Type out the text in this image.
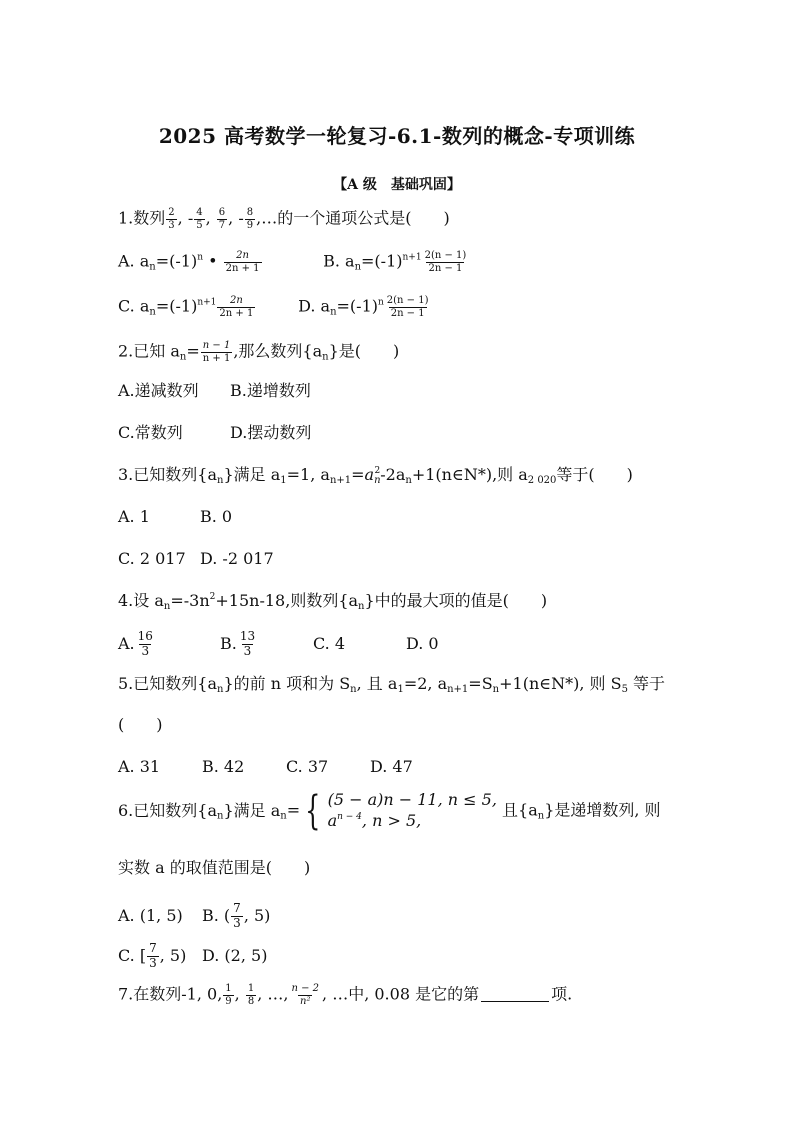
2025 高考数学一轮复习-6.1-数列的概念-专项训练
【A 级　基础巩固】
1.数列 $\frac{2}{3}$ , - $\frac{4}{5}$ , $\frac{6}{7}$ , - $\frac{8}{9}$ ,…的一个通项公式是(　　)
A. $a_n=(-1)^n$ • $\frac{2n}{2n + 1}$	B. $a_n=(-1)^{n+1} \frac{2(n - 1)}{2n - 1}$
C. $a_n=(-1)^{n+1} \frac{2n}{2n + 1}$	D. $a_n=(-1)^n \frac{2(n - 1)}{2n - 1}$
2.已知 $a_n= \frac{n - 1}{n + 1}$ ,那么数列$\{a_n\}$是(　　)
A.递减数列 B.递增数列
C.常数列	D.摆动数列
3.已知数列$\{a_n\}$满足 $a_1=1$, $a_{n+1}=a_n^2-2a_n+1(n\in N*)$,则 $a_{2 020}$等于(　　)
A. 1	B. 0
C. 2 017 D. -2 017
4.设 $a_n=-3n^2+15n-18$,则数列$\{a_n\}$中的最大项的值是(　　)
A. $\frac{16}{3}$	B. $\frac{13}{3}$	C. 4	D. 0
5.已知数列$\{a_n\}$的前 n 项和为 $S_n$, 且 $a_1=2$, $a_{n+1}=S_n+1(n\in N*)$, 则 $S_5$ 等于
(　　)
A. 31	B. 42	C. 37	D. 47
6.已知数列$\{a_n\}$满足 $a_n=$ { (5 − a)n − 11, n ≤ 5,
$a^{n - 4}$, n > 5,
且$\{a_n\}$是递增数列, 则
实数 a 的取值范围是(　　)
A. (1, 5) B. ( $\frac{7}{3}$ , 5)
C. [ $\frac{7}{3}$ , 5) D. (2, 5)
7.在数列-1, 0, $\frac{1}{9}$ , $\frac{1}{8}$ , …, $\frac{n - 2}{\text{n²}}$ , …中, 0.08 是它的第	项.
